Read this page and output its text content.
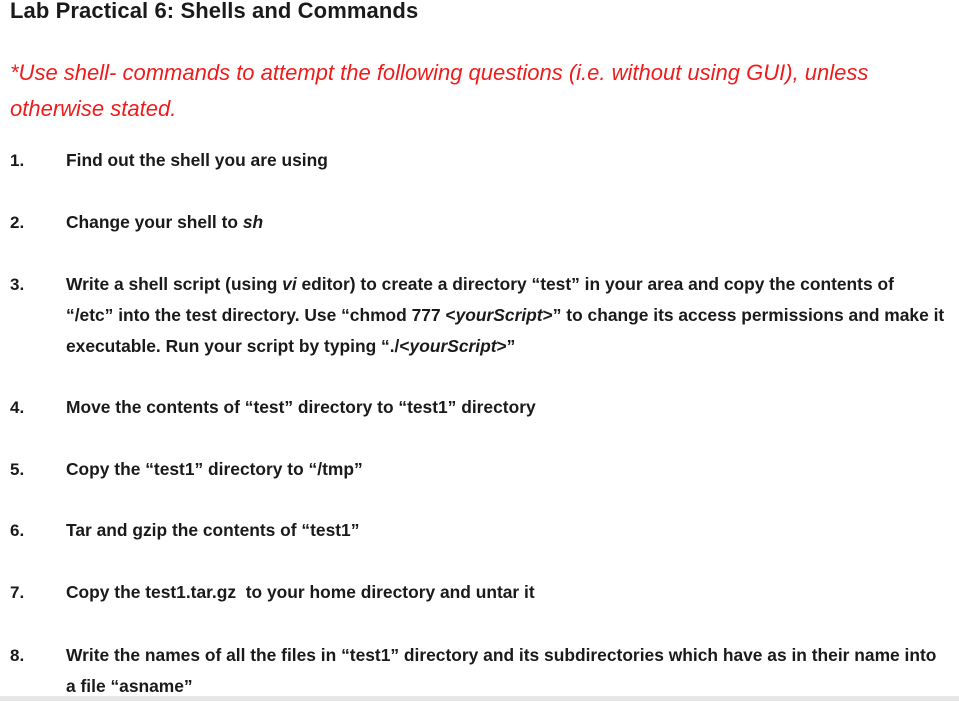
Lab Practical 6: Shells and Commands
*Use shell- commands to attempt the following questions (i.e. without using GUI), unless otherwise stated.
1. Find out the shell you are using
2. Change your shell to sh
3. Write a shell script (using vi editor) to create a directory “test” in your area and copy the contents of “/etc” into the test directory. Use “chmod 777 <yourScript>” to change its access permissions and make it executable. Run your script by typing “./<yourScript>”
4. Move the contents of “test” directory to “test1” directory
5. Copy the “test1” directory to “/tmp”
6. Tar and gzip the contents of “test1”
7. Copy the test1.tar.gz  to your home directory and untar it
8. Write the names of all the files in “test1” directory and its subdirectories which have as in their name into a file “asname”
